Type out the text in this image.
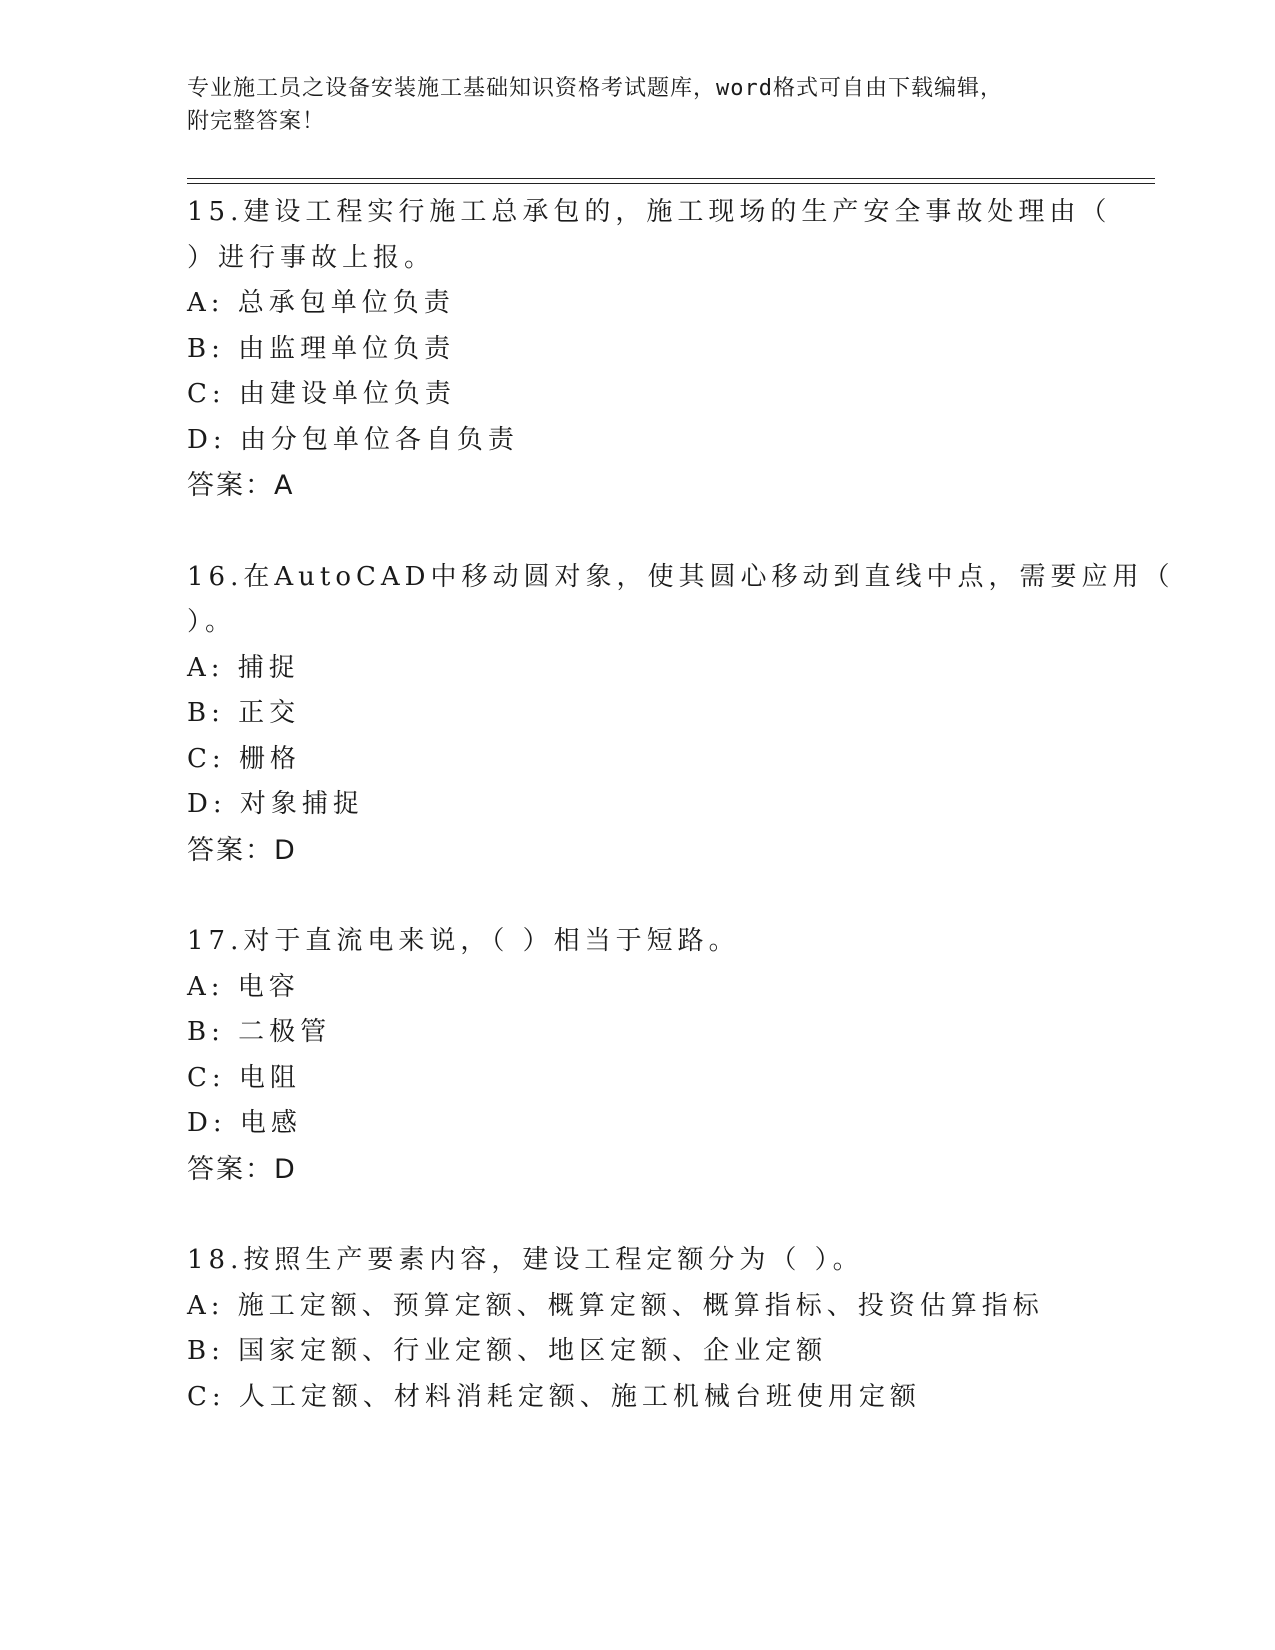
专业施工员之设备安装施工基础知识资格考试题库，word格式可自由下载编辑，
附完整答案！
15.建设工程实行施工总承包的，施工现场的生产安全事故处理由（
）进行事故上报。
A: 总承包单位负责
B: 由监理单位负责
C: 由建设单位负责
D: 由分包单位各自负责
答案：A
16.在AutoCAD中移动圆对象，使其圆心移动到直线中点，需要应用（
）。
A: 捕捉
B: 正交
C: 栅格
D: 对象捕捉
答案：D
17.对于直流电来说，（ ）相当于短路。
A: 电容
B: 二极管
C: 电阻
D: 电感
答案：D
18.按照生产要素内容，建设工程定额分为（ ）。
A: 施工定额、预算定额、概算定额、概算指标、投资估算指标
B: 国家定额、行业定额、地区定额、企业定额
C: 人工定额、材料消耗定额、施工机械台班使用定额
